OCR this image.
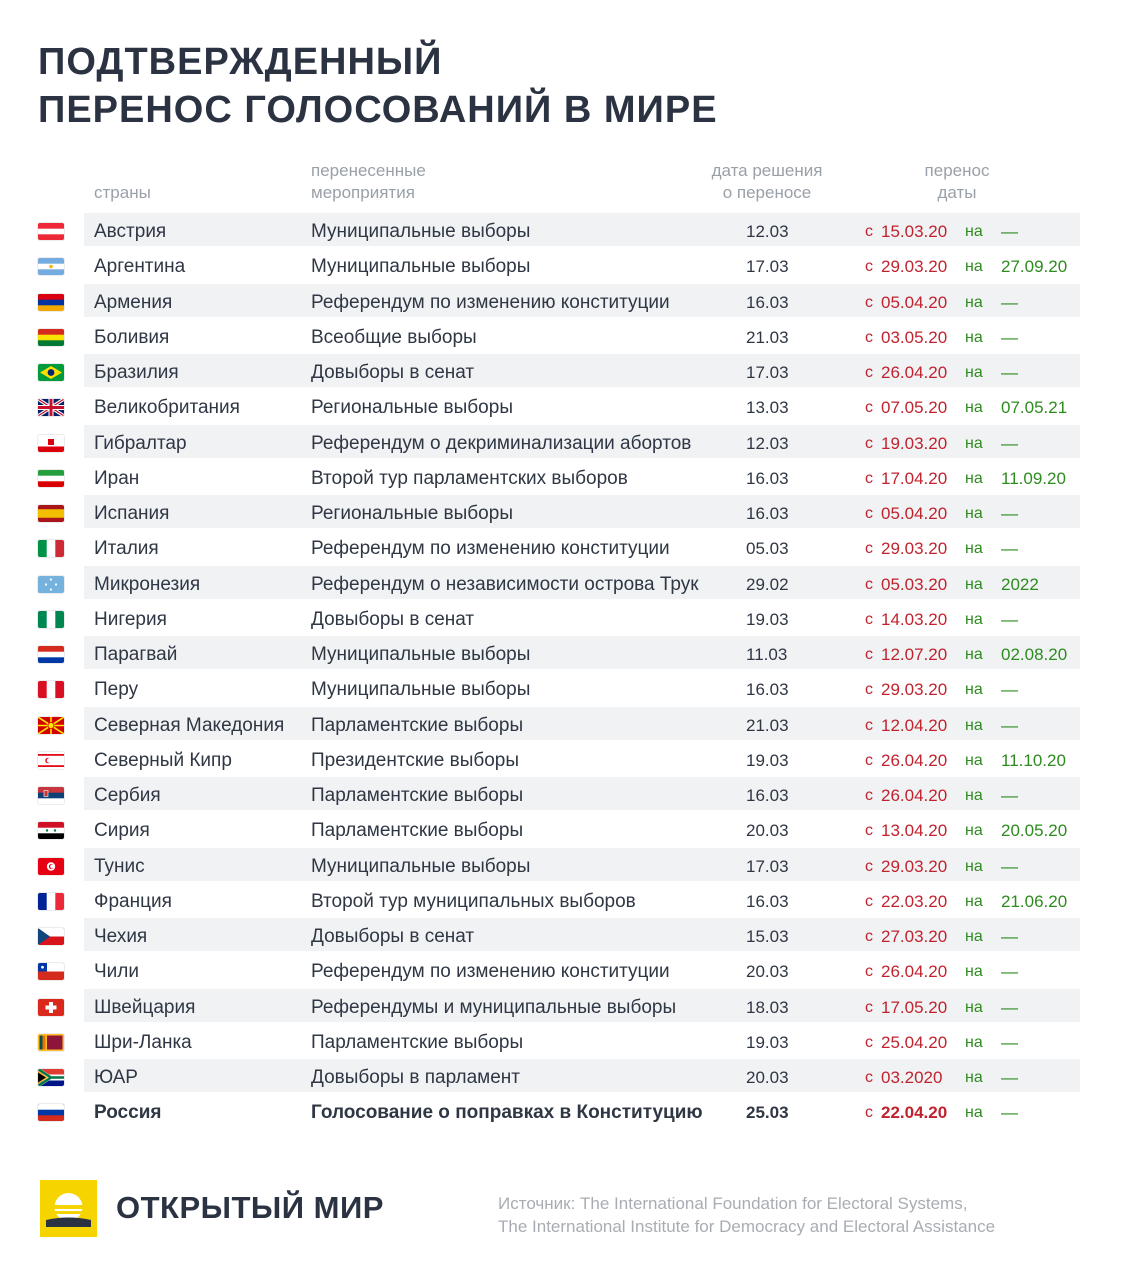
ПОДТВЕРЖДЕННЫЙ
ПЕРЕНОС ГОЛОСОВАНИЙ В МИРЕ
страны
перенесенные
мероприятия
дата решения
о переносе
перенос
даты
Австрия	Муниципальные выборы	12.03	с 15.03.20 на —
Аргентина	Муниципальные выборы	17.03	с 29.03.20 на 27.09.20
Армения	Референдум по изменению конституции	16.03	с 05.04.20 на —
Боливия	Всеобщие выборы	21.03	с 03.05.20 на —
Бразилия	Довыборы в сенат	17.03	с 26.04.20 на —
Великобритания	Региональные выборы	13.03	с 07.05.20 на 07.05.21
Гибралтар	Референдум о декриминализации абортов	12.03	с 19.03.20 на —
Иран	Второй тур парламентских выборов	16.03	с 17.04.20 на 11.09.20
Испания	Региональные выборы	16.03	с 05.04.20 на —
Италия	Референдум по изменению конституции	05.03	с 29.03.20 на —
Микронезия	Референдум о независимости острова Трук	29.02	с 05.03.20 на 2022
Нигерия	Довыборы в сенат	19.03	с 14.03.20 на —
Парагвай	Муниципальные выборы	11.03	с 12.07.20 на 02.08.20
Перу	Муниципальные выборы	16.03	с 29.03.20 на —
Северная Македония Парламентские выборы	21.03	с 12.04.20 на —
Северный Кипр	Президентские выборы	19.03	с 26.04.20 на 11.10.20
Сербия	Парламентские выборы	16.03	с 26.04.20 на —
Сирия	Парламентские выборы	20.03	с 13.04.20 на 20.05.20
Тунис	Муниципальные выборы	17.03	с 29.03.20 на —
Франция	Второй тур муниципальных выборов	16.03	с 22.03.20 на 21.06.20
Чехия	Довыборы в сенат	15.03	с 27.03.20 на —
Чили	Референдум по изменению конституции	20.03	с 26.04.20 на —
Швейцария	Референдумы и муниципальные выборы	18.03	с 17.05.20 на —
Шри-Ланка	Парламентские выборы	19.03	с 25.04.20 на —
ЮАР	Довыборы в парламент	20.03	с 03.2020 на —
Россия	Голосование о поправках в Конституцию	25.03	с 22.04.20 на —
ОТКРЫТЫЙ МИР	Источник: The International Foundation for Electoral Systems,
The International Institute for Democracy and Electoral Assistance
